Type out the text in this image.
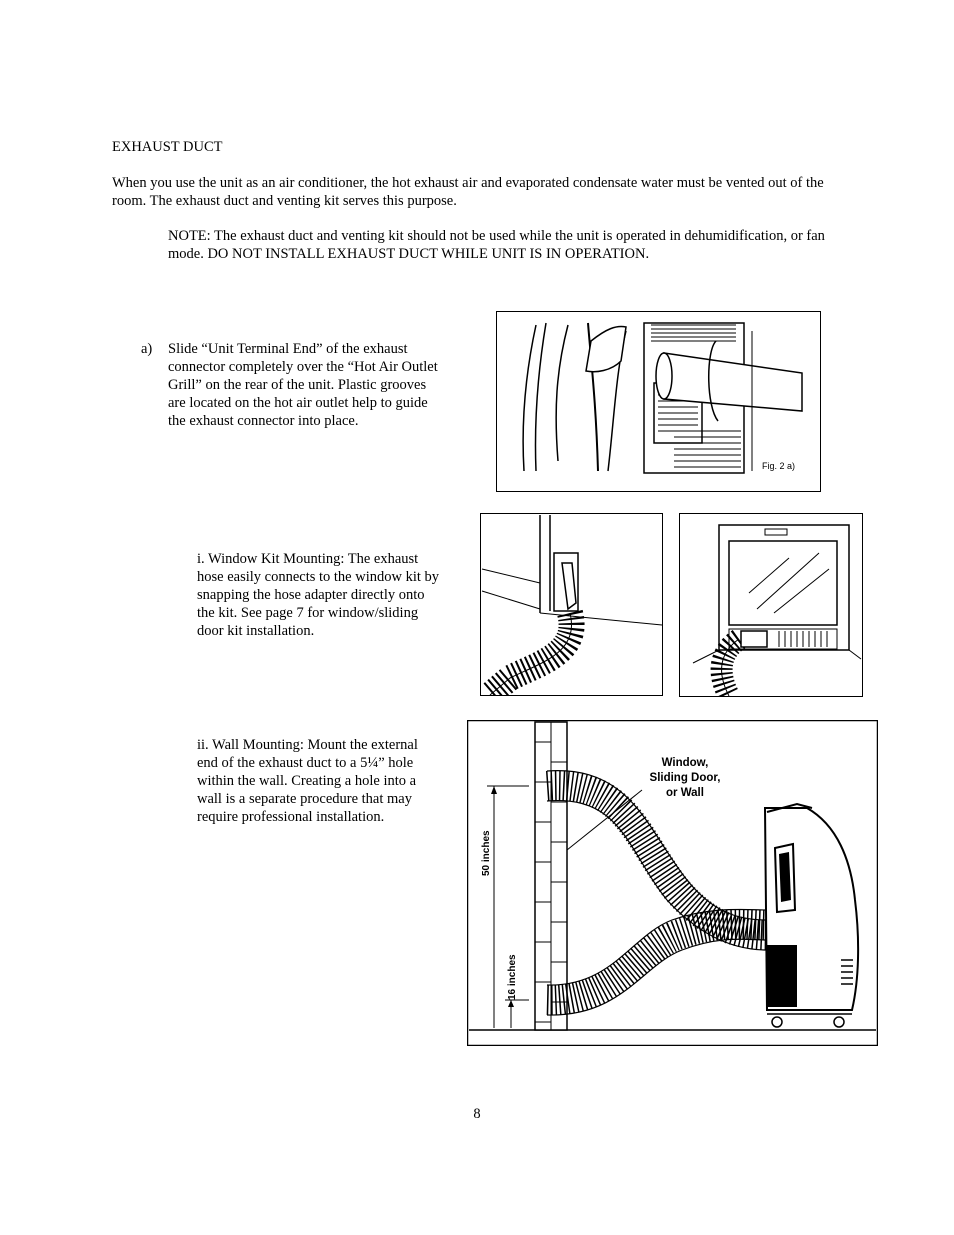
EXHAUST DUCT
When you use the unit as an air conditioner, the hot exhaust air and evaporated condensate water must be vented out of the room. The exhaust duct and venting kit serves this purpose.
NOTE: The exhaust duct and venting kit should not be used while the unit is operated in dehumidification, or fan mode. DO NOT INSTALL EXHAUST DUCT WHILE UNIT IS IN OPERATION.
a) Slide “Unit Terminal End” of the exhaust connector completely over the “Hot Air Outlet Grill” on the rear of the unit. Plastic grooves are located on the hot air outlet help to guide the exhaust connector into place.
i. Window Kit Mounting: The exhaust hose easily connects to the window kit by snapping the hose adapter directly onto the kit. See page 7 for window/sliding door kit installation.
ii. Wall Mounting: Mount the external end of the exhaust duct to a 5¼” hole within the wall. Creating a hole into a wall is a separate procedure that may require professional installation.
Fig. 2 a)
Window,
Sliding Door,
or Wall
50 inches
16 inches
8
